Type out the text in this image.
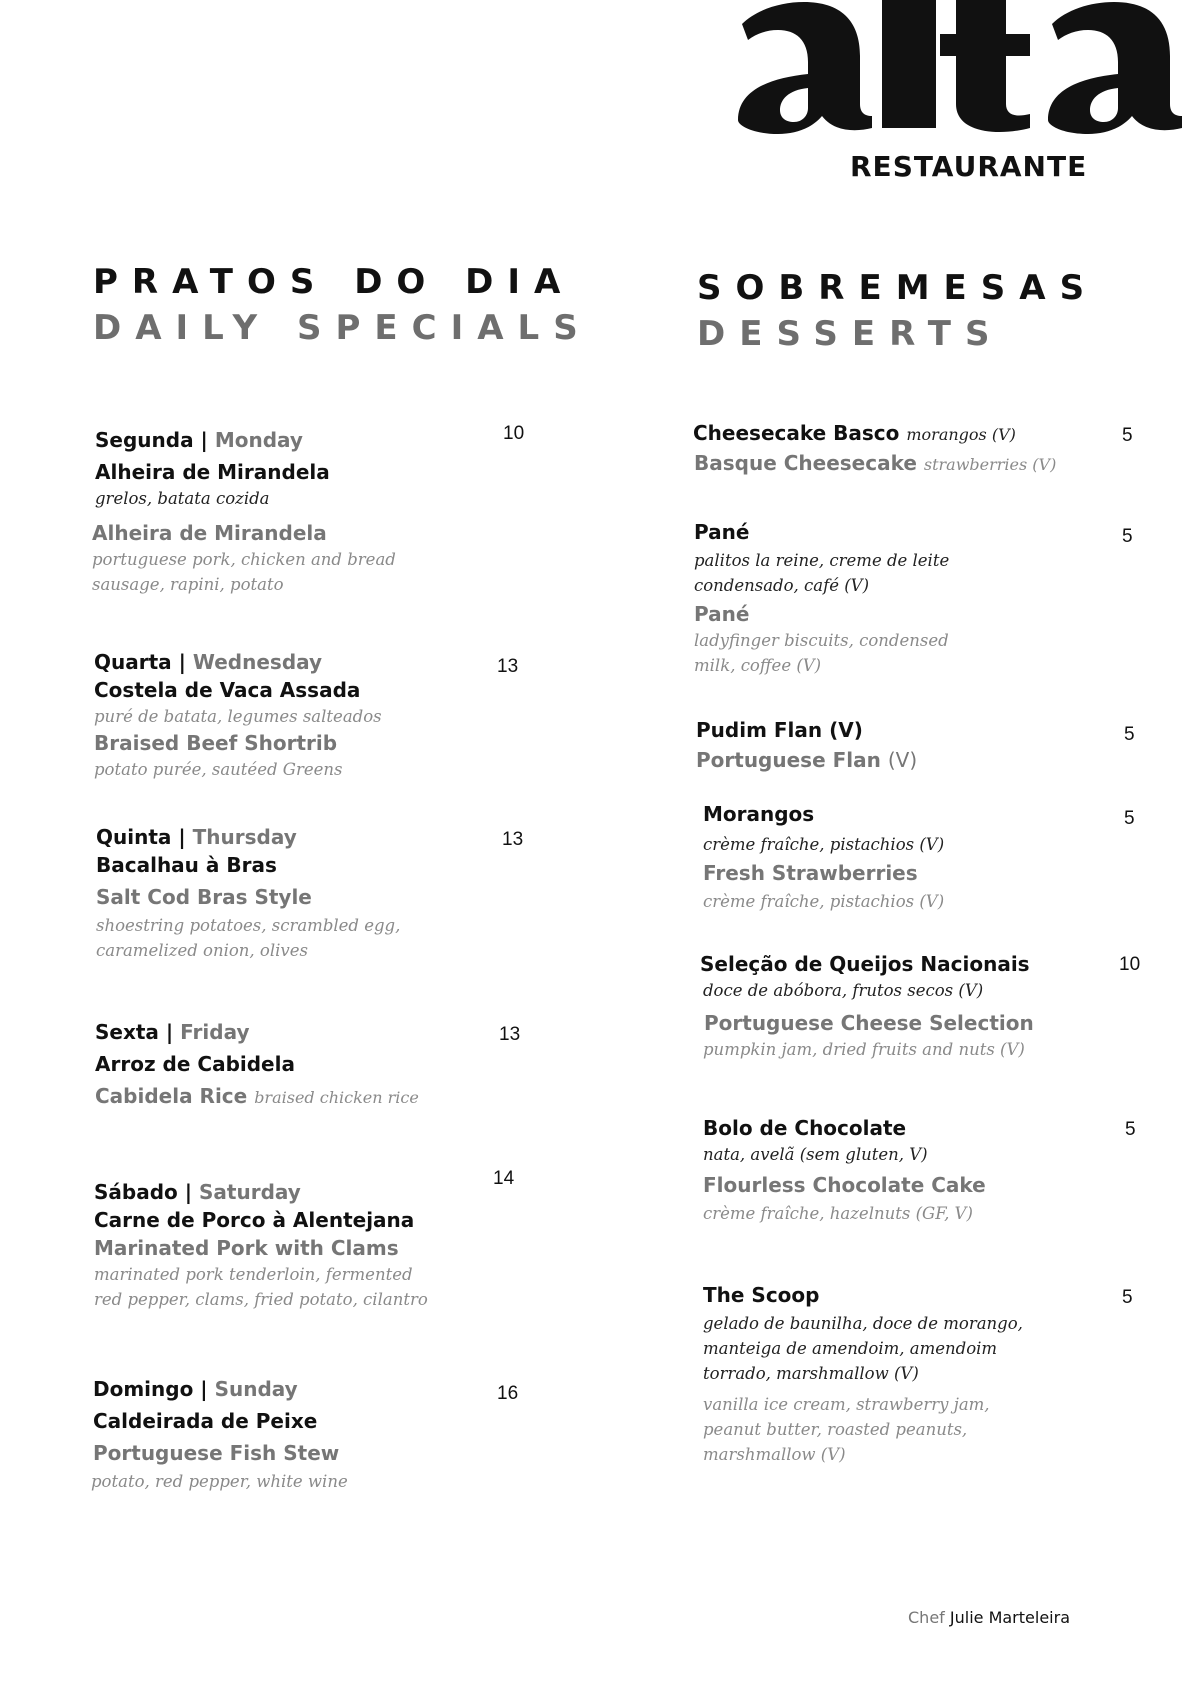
RESTAURANTE
PRATOS DO DIA
DAILY SPECIALS
SOBREMESAS
DESSERTS
Segunda | Monday
Alheira de Mirandela
grelos, batata cozida
Alheira de Mirandela
portuguese pork, chicken and bread sausage, rapini, potato
10
Quarta | Wednesday
Costela de Vaca Assada
puré de batata, legumes salteados
Braised Beef Shortrib
potato purée, sautéed Greens
13
Quinta | Thursday
Bacalhau à Bras
Salt Cod Bras Style
shoestring potatoes, scrambled egg, caramelized onion, olives
13
Sexta | Friday
Arroz de Cabidela
Cabidela Rice braised chicken rice
13
Sábado | Saturday
Carne de Porco à Alentejana
Marinated Pork with Clams
marinated pork tenderloin, fermented red pepper, clams, fried potato, cilantro
14
Domingo | Sunday
Caldeirada de Peixe
Portuguese Fish Stew
potato, red pepper, white wine
16
Cheesecake Basco morangos (V)
Basque Cheesecake strawberries (V)
5
Pané
palitos la reine, creme de leite condensado, café (V)
Pané
ladyfinger biscuits, condensed milk, coffee (V)
5
Pudim Flan (V)
Portuguese Flan (V)
5
Morangos
crème fraîche, pistachios (V)
Fresh Strawberries
crème fraîche, pistachios (V)
5
Seleção de Queijos Nacionais
doce de abóbora, frutos secos (V)
Portuguese Cheese Selection
pumpkin jam, dried fruits and nuts (V)
10
Bolo de Chocolate
nata, avelã (sem gluten, V)
Flourless Chocolate Cake
crème fraîche, hazelnuts (GF, V)
5
The Scoop
gelado de baunilha, doce de morango, manteiga de amendoim, amendoim torrado, marshmallow (V)
vanilla ice cream, strawberry jam, peanut butter, roasted peanuts, marshmallow (V)
5
Chef Julie Marteleira
